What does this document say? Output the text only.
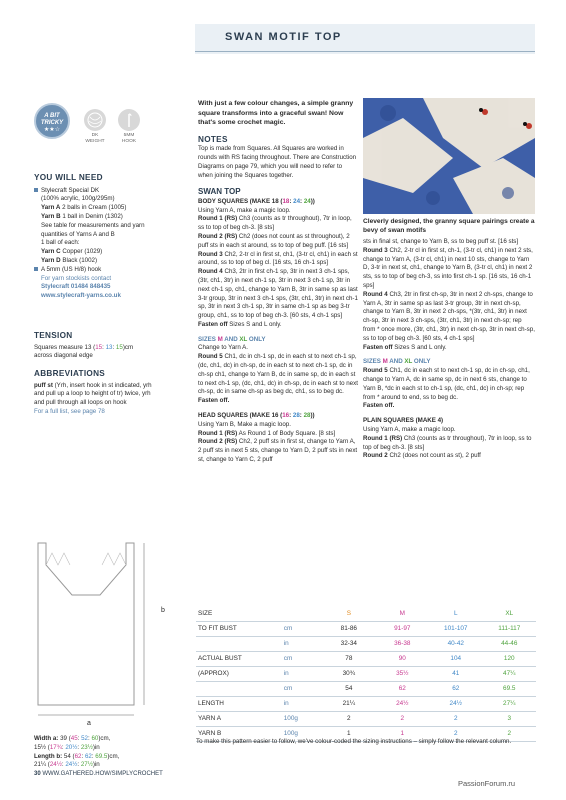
SWAN MOTIF TOP
A BIT
TRICKY
★★☆
DK WEIGHT
5MM HOOK
YOU WILL NEED
Stylecraft Special DK
(100% acrylic, 100g/295m)
Yarn A 2 balls in Cream (1005)
Yarn B 1 ball in Denim (1302)
See table for measurements and yarn quantities of Yarns A and B
1 ball of each:
Yarn C Copper (1029)
Yarn D Black (1002)
A 5mm (US H/8) hook
For yarn stockists contact
Stylecraft 01484 848435
www.stylecraft-yarns.co.uk
TENSION
Squares measure 13 (15: 13: 15)cm
across diagonal edge
ABBREVIATIONS
puff st (Yrh, insert hook in st indicated, yrh and pull up a loop to height of tr) twice, yrh and pull through all loops on hook
For a full list, see page 78
b
a
Width a: 39 (45: 52: 60)cm,
15½ (17¾: 20½: 23½)in
Length b: 54 (62: 62: 69.5)cm,
21¼ (24½: 24½: 27½)in
With just a few colour changes, a simple granny square transforms into a graceful swan! Now that's some crochet magic.
NOTES
Top is made from Squares. All Squares are worked in rounds with RS facing throughout. There are Construction Diagrams on page 79, which you will need to refer to when joining the Squares together.
SWAN TOP
BODY SQUARES (MAKE 18 (18: 24: 24))
Using Yarn A, make a magic loop.
Round 1 (RS) Ch3 (counts as tr throughout), 7tr in loop, ss to top of beg ch-3. [8 sts]
Round 2 (RS) Ch2 (does not count as st throughout), 2 puff sts in each st around, ss to top of beg puff. [16 sts]
Round 3 Ch2, 2-tr cl in first st, ch1, (3-tr cl, ch1) in each st around, ss to top of beg cl. [16 sts, 16 ch-1 sps]
Round 4 Ch3, 2tr in first ch-1 sp, 3tr in next 3 ch-1 sps, (3tr, ch1, 3tr) in next ch-1 sp, 3tr in next 3 ch-1 sp, 3tr in next ch-1 sp, ch1, change to Yarn B, 3tr in same sp as last 3-tr group, 3tr in next 3 ch-1 sps, (3tr, ch1, 3tr) in next ch-1 sp, 3tr in next 3 ch-1 sp, 3tr in same ch-1 sp as beg 3-tr group, ch1, ss to top of beg ch-3. [60 sts, 4 ch-1 sps]
Fasten off Sizes S and L only.
SIZES M AND XL ONLY
Change to Yarn A.
Round 5 Ch1, dc in ch-1 sp, dc in each st to next ch-1 sp, (dc, ch1, dc) in ch-sp, dc in each st to next ch-1 sp, dc in ch-sp ch1, change to Yarn B, dc in same sp, dc in each st to next ch-1 sp, (dc, ch1, dc) in ch-sp, dc in each st to next ch-sp, dc in same ch-sp as beg dc, ch1, ss to beg dc.
Fasten off.
HEAD SQUARES (MAKE 16 (16: 28: 28))
Using Yarn B, Make a magic loop.
Round 1 (RS) As Round 1 of Body Square. [8 sts]
Round 2 (RS) Ch2, 2 puff sts in first st, change to Yarn A, 2 puff sts in next 5 sts, change to Yarn D, 2 puff sts in next st, change to Yarn C, 2 puff
Cleverly designed, the granny square pairings create a bevy of swan motifs
sts in final st, change to Yarn B, ss to beg puff st. [16 sts]
Round 3 Ch2, 2-tr cl in first st, ch-1, (3-tr cl, ch1) in next 2 sts, change to Yarn A, (3-tr cl, ch1) in next 10 sts, change to Yarn D, 3-tr in next st, ch1, change to Yarn B, (3-tr cl, ch1) in next 2 sts, ss to top of beg ch-3, ss into first ch-1 sp. [16 sts, 16 ch-1 sps]
Round 4 Ch3, 2tr in first ch-sp, 3tr in next 2 ch-sps, change to Yarn A, 3tr in same sp as last 3-tr group, 3tr in next ch-sp, change to Yarn B, 3tr in next 2 ch-sps, *(3tr, ch1, 3tr) in next ch-sp, 3tr in next 3 ch-sps, (3tr, ch1, 3tr) in next ch-sp; rep from * once more, (3tr, ch1, 3tr) in next ch-sp, 3tr in next ch-sp, ss to top of beg ch-3. [60 sts, 4 ch-1 sps]
Fasten off Sizes S and L only.
SIZES M AND XL ONLY
Round 5 Ch1, dc in each st to next ch-1 sp, dc in ch-sp, ch1, change to Yarn A, dc in same sp, dc in next 6 sts, change to Yarn B, *dc in each st to ch-1 sp, (dc, ch1, dc) in ch-sp; rep from * around to end, ss to beg dc.
Fasten off.
PLAIN SQUARES (MAKE 4)
Using Yarn A, make a magic loop.
Round 1 (RS) Ch3 (counts as tr throughout), 7tr in loop, ss to top of beg ch-3. [8 sts]
Round 2 Ch2 (does not count as st), 2 puff
SIZE		S	M	L	XL
TO FIT BUST	cm	81-86	91-97	101-107	111-117
	in	32-34	36-38	40-42	44-46
ACTUAL BUST	cm	78	90	104	120
(APPROX)	in	30¾	35½	41	47¼
	cm	54	62	62	69.5
LENGTH	in	21¼	24½	24½	27¼
YARN A	100g	2	2	2	3
YARN B	100g	1	1	2	2
To make this pattern easier to follow, we've colour-coded the sizing instructions – simply follow the relevant column.
30 WWW.GATHERED.HOW/SIMPLYCROCHET
PassionForum.ru
